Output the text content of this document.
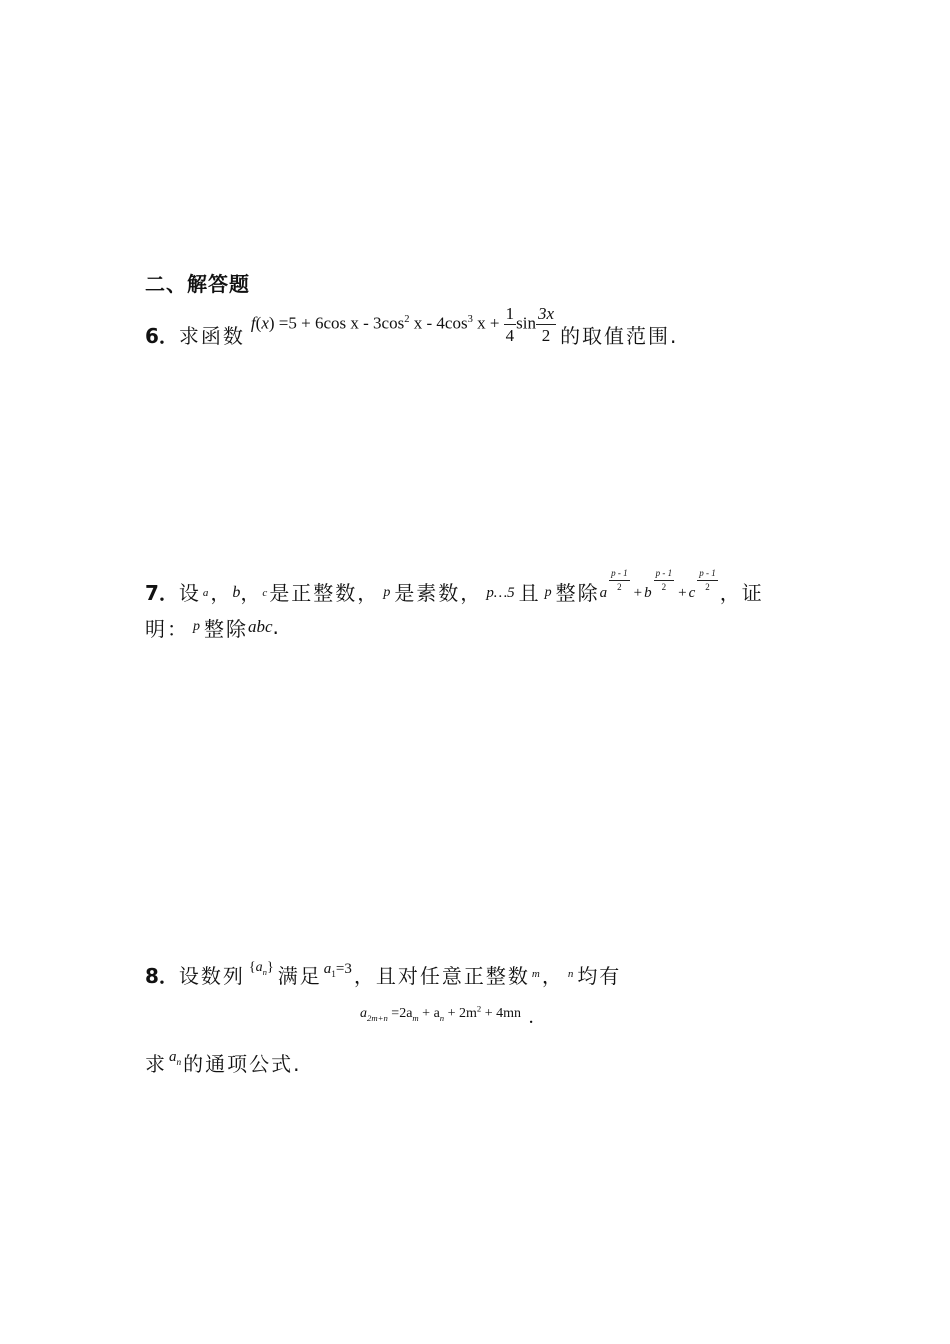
二、解答题
6． 求函数
f(x) =5 + 6cos x - $3\cos^2$ x - $4\cos^3$ $x + \frac{1}{4}$ $\sin \frac{3x}{2}$ 的取值范围.
7． 设 a ， b ， c 是正整数， p 是素数， p…5 且 p 整除 a
$\frac{p - 1}{2}$
+ b
$\frac{p - 1}{2}$
+ c
$\frac{p - 1}{2}$
，证
明： p 整除 abc .
8． 设数列 $\{a_n\}$ 满足 $a_1=3$ ，且对任意正整数 m ， n 均有
$a_{2m+n} =2a_m + a_n + 2m^2 + 4mn$ .
求 $a_n$ 的通项公式.
